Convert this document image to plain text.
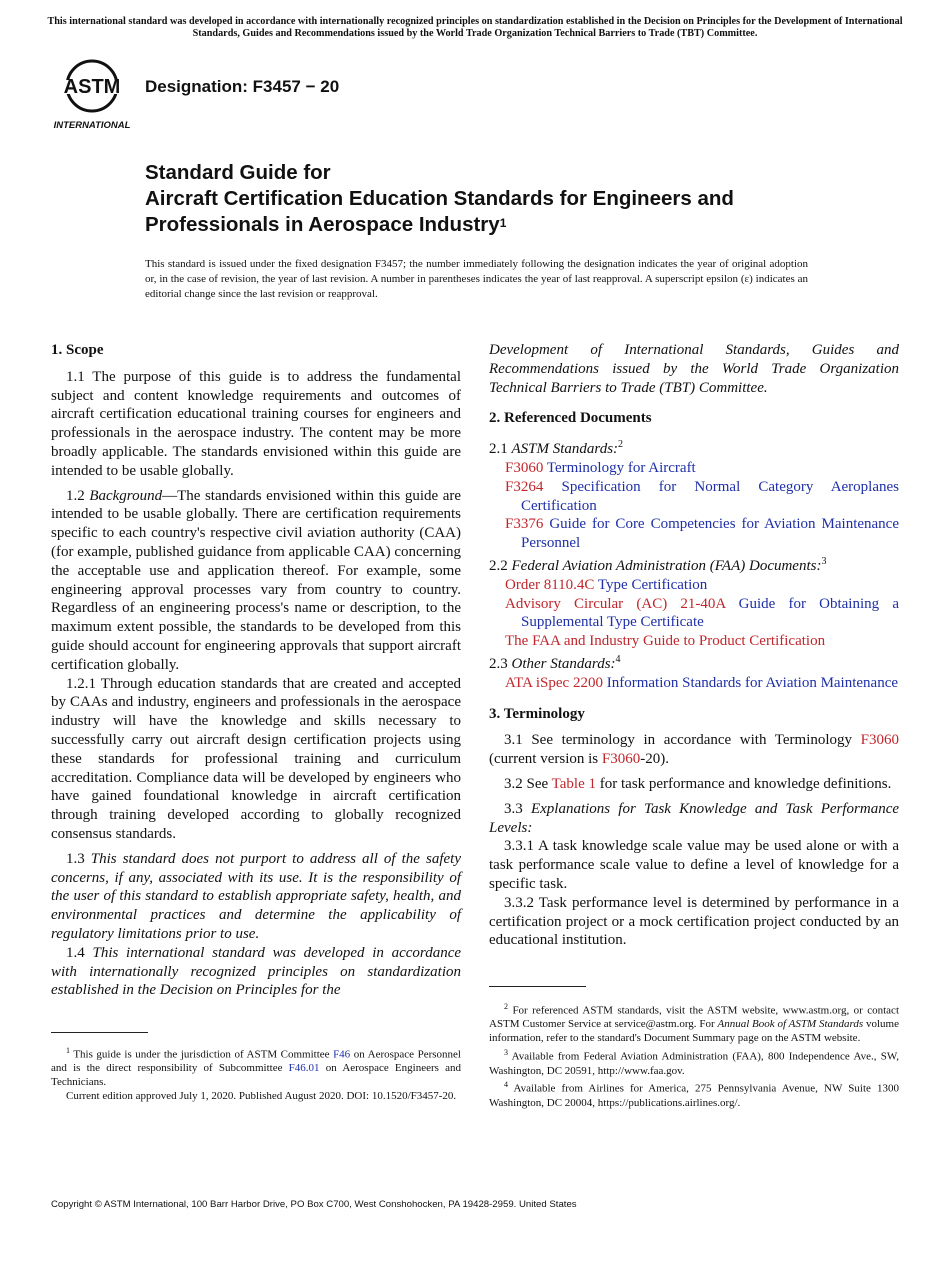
This international standard was developed in accordance with internationally recognized principles on standardization established in the Decision on Principles for the Development of International Standards, Guides and Recommendations issued by the World Trade Organization Technical Barriers to Trade (TBT) Committee.
ASTM
INTERNATIONAL
Designation: F3457 − 20
Standard Guide for
Aircraft Certification Education Standards for Engineers and
Professionals in Aerospace Industry$^1$
This standard is issued under the fixed designation F3457; the number immediately following the designation indicates the year of original adoption or, in the case of revision, the year of last revision. A number in parentheses indicates the year of last reapproval. A superscript epsilon (ε) indicates an editorial change since the last revision or reapproval.

1. Scope

1.1 The purpose of this guide is to address the fundamental subject and content knowledge requirements and outcomes of aircraft certification educational training courses for engineers and professionals in the aerospace industry. The content may be more broadly applicable. The standards envisioned within this guide are intended to be usable globally.

1.2 Background—The standards envisioned within this guide are intended to be usable globally. There are certification requirements specific to each country's respective civil aviation authority (CAA) (for example, published guidance from applicable CAA) concerning the acceptable use and application thereof. For example, some engineering approval processes vary from country to country. Regardless of an engineering process's name or description, to the maximum extent possible, the standards to be developed from this guide should account for engineering approvals that support aircraft certification globally.

1.2.1 Through education standards that are created and accepted by CAAs and industry, engineers and professionals in the aerospace industry will have the knowledge and skills necessary to successfully carry out aircraft design certification projects using these standards for professional training and curriculum accreditation. Compliance data will be developed by engineers who have gained foundational knowledge in aircraft certification through training developed according to globally recognized consensus standards.

1.3 This standard does not purport to address all of the safety concerns, if any, associated with its use. It is the responsibility of the user of this standard to establish appropriate safety, health, and environmental practices and determine the applicability of regulatory limitations prior to use.

1.4 This international standard was developed in accordance with internationally recognized principles on standardization established in the Decision on Principles for the

$^1$ This guide is under the jurisdiction of ASTM Committee F46 on Aerospace Personnel and is the direct responsibility of Subcommittee F46.01 on Aerospace Engineers and Technicians.

Current edition approved July 1, 2020. Published August 2020. DOI: 10.1520/F3457-20.

Development of International Standards, Guides and Recommendations issued by the World Trade Organization Technical Barriers to Trade (TBT) Committee.

2. Referenced Documents

2.1 ASTM Standards:$^2$

F3060 Terminology for Aircraft

F3264 Specification for Normal Category Aeroplanes Certification

F3376 Guide for Core Competencies for Aviation Maintenance Personnel

2.2 Federal Aviation Administration (FAA) Documents:$^3$

Order 8110.4C Type Certification

Advisory Circular (AC) 21-40A Guide for Obtaining a Supplemental Type Certificate

The FAA and Industry Guide to Product Certification

2.3 Other Standards:$^4$

ATA iSpec 2200 Information Standards for Aviation Maintenance

3. Terminology

3.1 See terminology in accordance with Terminology F3060 (current version is F3060-20).

3.2 See Table 1 for task performance and knowledge definitions.

3.3 Explanations for Task Knowledge and Task Performance Levels:

3.3.1 A task knowledge scale value may be used alone or with a task performance scale value to define a level of knowledge for a specific task.

3.3.2 Task performance level is determined by performance in a certification project or a mock certification project conducted by an educational institution.

$^2$ For referenced ASTM standards, visit the ASTM website, www.astm.org, or contact ASTM Customer Service at service@astm.org. For Annual Book of ASTM Standards volume information, refer to the standard's Document Summary page on the ASTM website.

$^3$ Available from Federal Aviation Administration (FAA), 800 Independence Ave., SW, Washington, DC 20591, http://www.faa.gov.

$^4$ Available from Airlines for America, 275 Pennsylvania Avenue, NW Suite 1300 Washington, DC 20004, https://publications.airlines.org/.

Copyright © ASTM International, 100 Barr Harbor Drive, PO Box C700, West Conshohocken, PA 19428-2959. United States
